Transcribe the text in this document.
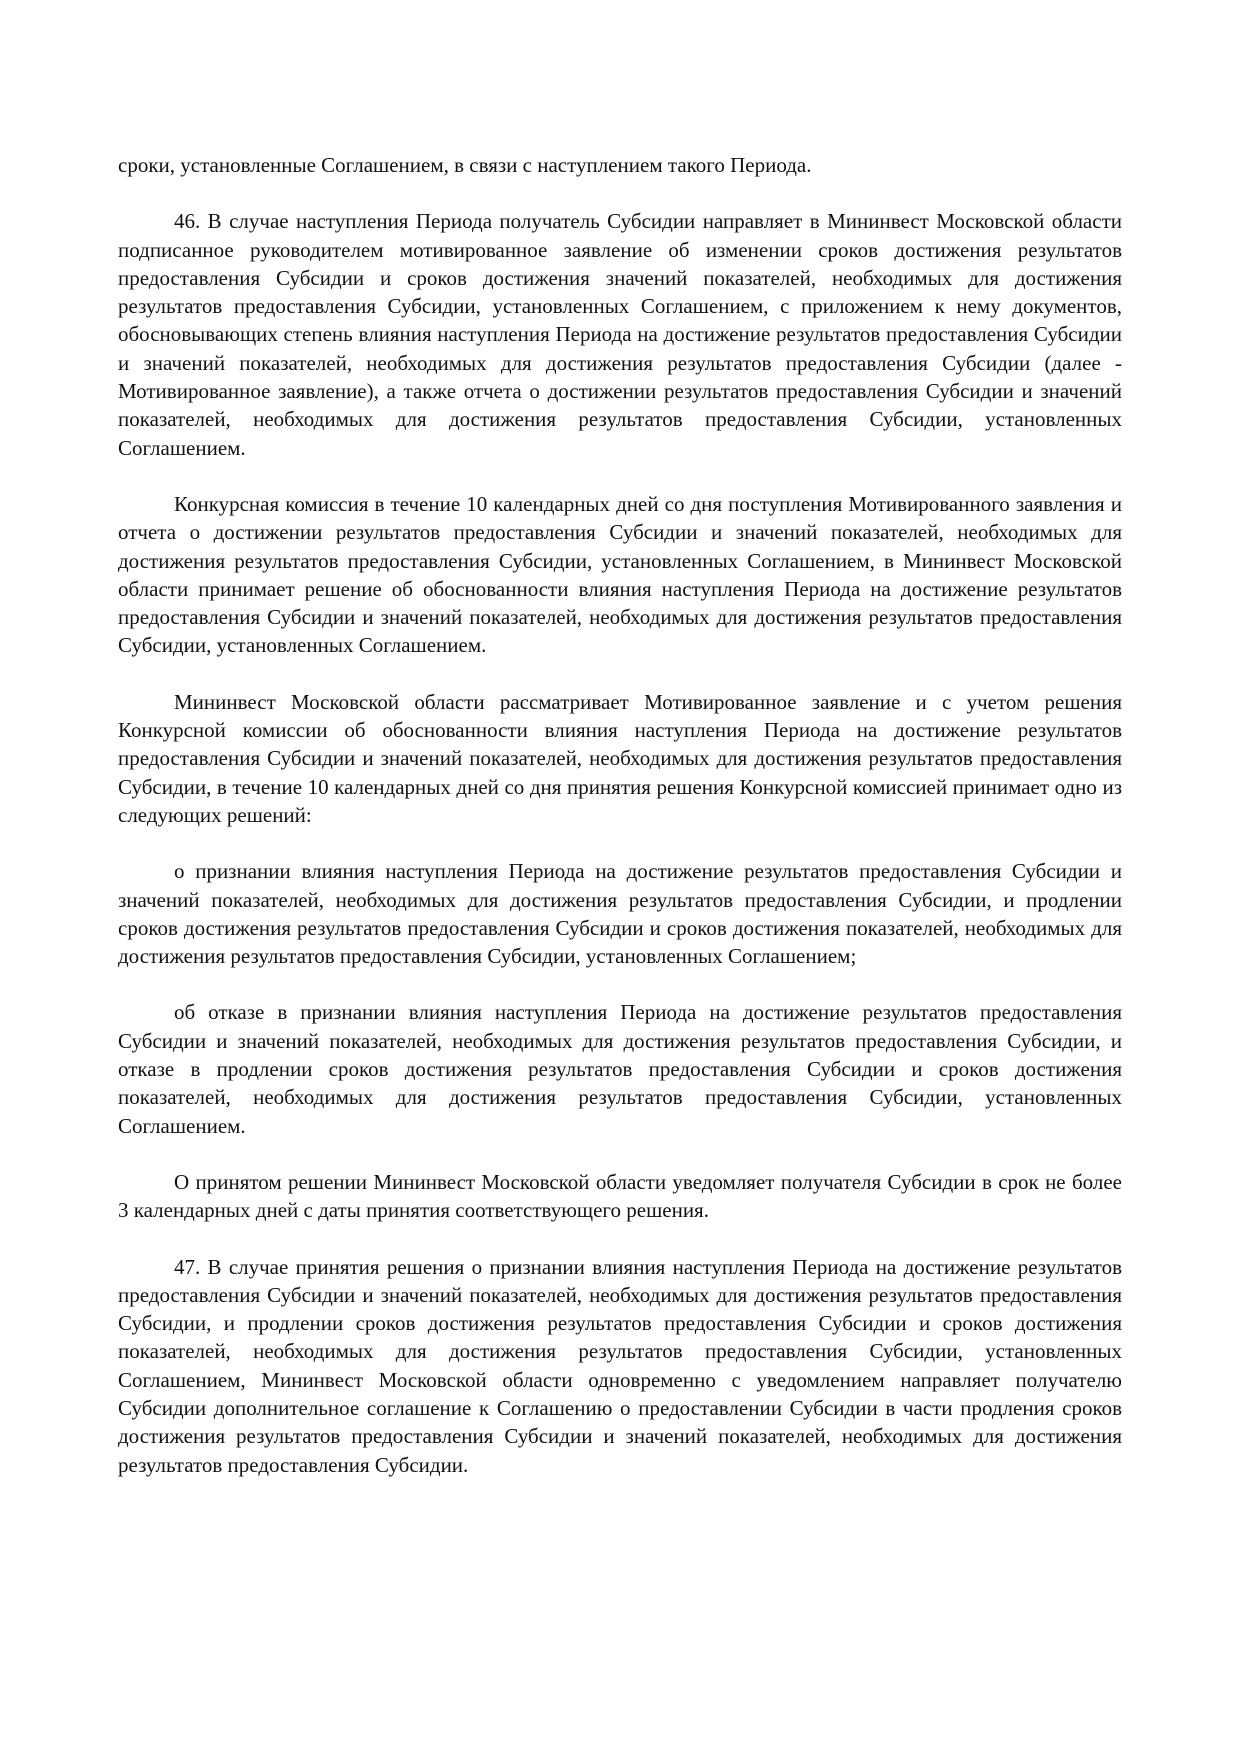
сроки, установленные Соглашением, в связи с наступлением такого Периода.

46. В случае наступления Периода получатель Субсидии направляет в Мининвест Московской области подписанное руководителем мотивированное заявление об изменении сроков достижения результатов предоставления Субсидии и сроков достижения значений показателей, необходимых для достижения результатов предоставления Субсидии, установленных Соглашением, с приложением к нему документов, обосновывающих степень влияния наступления Периода на достижение результатов предоставления Субсидии и значений показателей, необходимых для достижения результатов предоставления Субсидии (далее - Мотивированное заявление), а также отчета о достижении результатов предоставления Субсидии и значений показателей, необходимых для достижения результатов предоставления Субсидии, установленных Соглашением.

Конкурсная комиссия в течение 10 календарных дней со дня поступления Мотивированного заявления и отчета о достижении результатов предоставления Субсидии и значений показателей, необходимых для достижения результатов предоставления Субсидии, установленных Соглашением, в Мининвест Московской области принимает решение об обоснованности влияния наступления Периода на достижение результатов предоставления Субсидии и значений показателей, необходимых для достижения результатов предоставления Субсидии, установленных Соглашением.

Мининвест Московской области рассматривает Мотивированное заявление и с учетом решения Конкурсной комиссии об обоснованности влияния наступления Периода на достижение результатов предоставления Субсидии и значений показателей, необходимых для достижения результатов предоставления Субсидии, в течение 10 календарных дней со дня принятия решения Конкурсной комиссией принимает одно из следующих решений:

о признании влияния наступления Периода на достижение результатов предоставления Субсидии и значений показателей, необходимых для достижения результатов предоставления Субсидии, и продлении сроков достижения результатов предоставления Субсидии и сроков достижения показателей, необходимых для достижения результатов предоставления Субсидии, установленных Соглашением;

об отказе в признании влияния наступления Периода на достижение результатов предоставления Субсидии и значений показателей, необходимых для достижения результатов предоставления Субсидии, и отказе в продлении сроков достижения результатов предоставления Субсидии и сроков достижения показателей, необходимых для достижения результатов предоставления Субсидии, установленных Соглашением.

О принятом решении Мининвест Московской области уведомляет получателя Субсидии в срок не более 3 календарных дней с даты принятия соответствующего решения.

47. В случае принятия решения о признании влияния наступления Периода на достижение результатов предоставления Субсидии и значений показателей, необходимых для достижения результатов предоставления Субсидии, и продлении сроков достижения результатов предоставления Субсидии и сроков достижения показателей, необходимых для достижения результатов предоставления Субсидии, установленных Соглашением, Мининвест Московской области одновременно с уведомлением направляет получателю Субсидии дополнительное соглашение к Соглашению о предоставлении Субсидии в части продления сроков достижения результатов предоставления Субсидии и значений показателей, необходимых для достижения результатов предоставления Субсидии.
